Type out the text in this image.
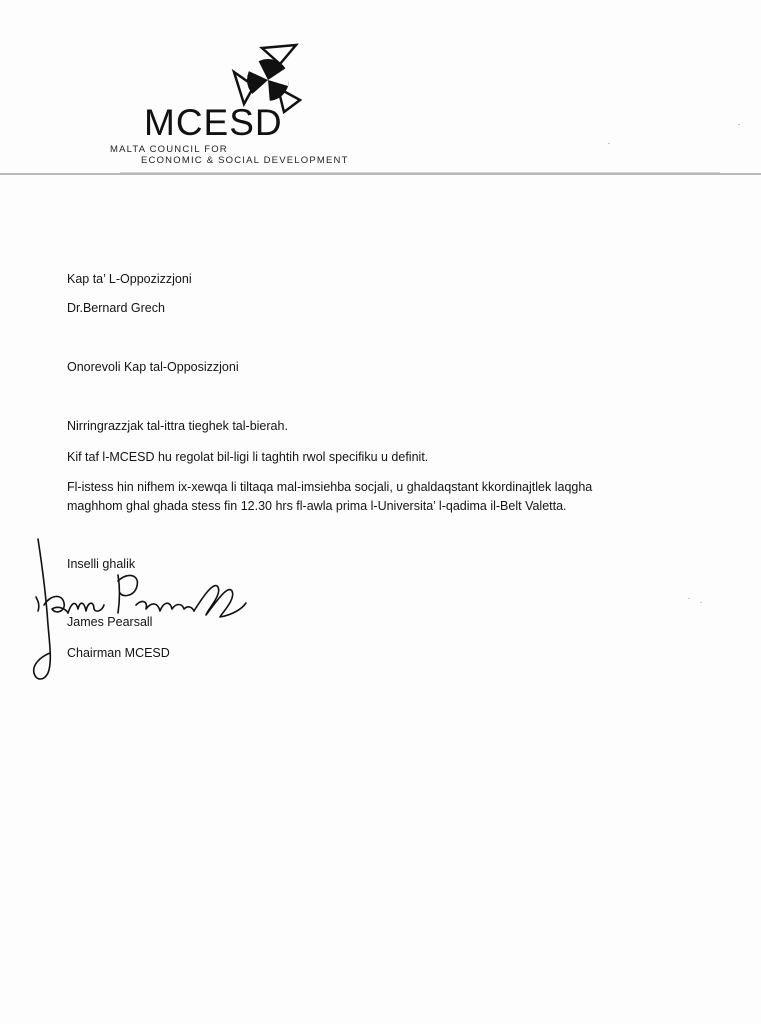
MCESD
MALTA COUNCIL FOR
ECONOMIC & SOCIAL DEVELOPMENT
Kap ta’ L-Oppozizzjoni
Dr.Bernard Grech
Onorevoli Kap tal-Opposizzjoni
Nirringrazzjak tal-ittra tieghek tal-bierah.
Kif taf l-MCESD hu regolat bil-ligi li taghtih rwol specifiku u definit.
Fl-istess hin nifhem ix-xewqa li tiltaqa mal-imsiehba socjali, u ghaldaqstant kkordinajtlek laqgha
maghhom ghal ghada stess fin 12.30 hrs fl-awla prima l-Universita’ l-qadima il-Belt Valetta.
Inselli ghalik
James Pearsall
Chairman MCESD
